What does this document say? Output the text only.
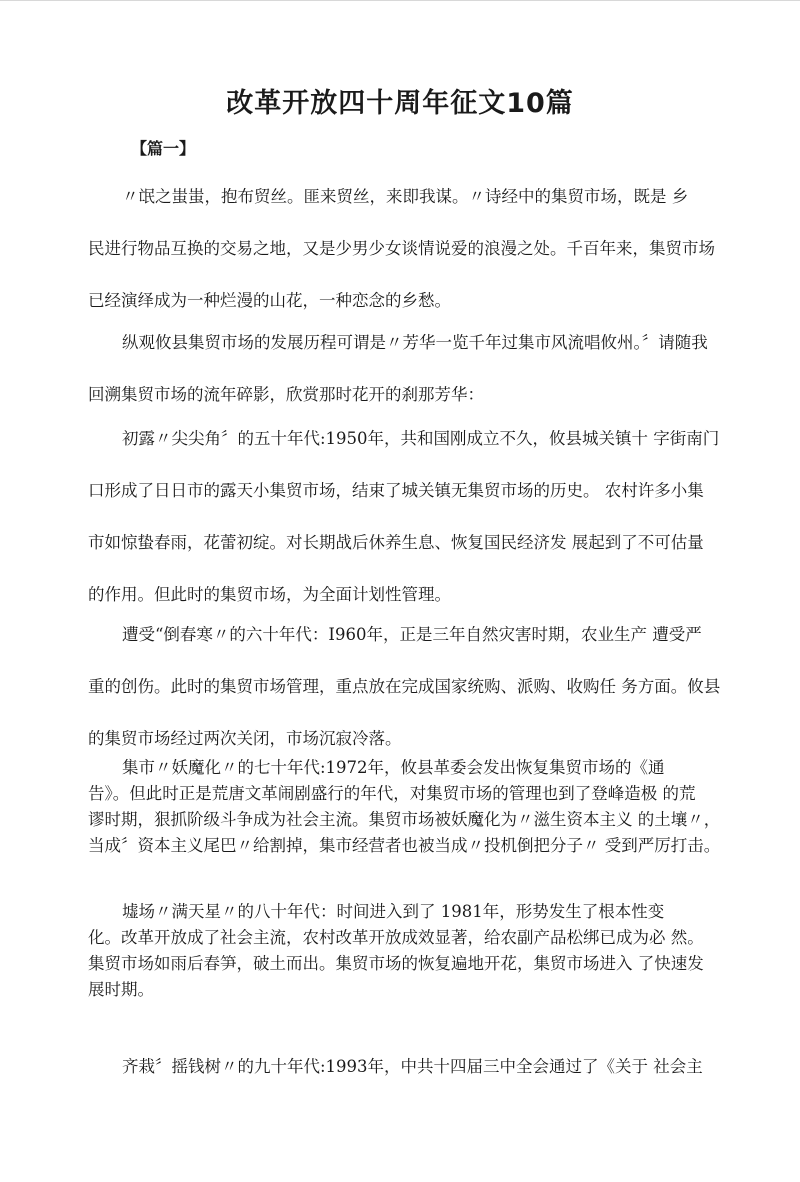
改革开放四十周年征文10篇

【篇一】

〃氓之蚩蚩，抱布贸丝。匪来贸丝，来即我谋。〃诗经中的集贸市场，既是 乡
民进行物品互换的交易之地，又是少男少女谈情说爱的浪漫之处。千百年来，集贸市场
已经演绎成为一种烂漫的山花，一种恋念的乡愁。
纵观攸县集贸市场的发展历程可谓是〃芳华一览千年过集市风流唱攸州。〞请随我
回溯集贸市场的流年碎影，欣赏那时花开的刹那芳华：
初露〃尖尖角〞的五十年代:1950年，共和国刚成立不久，攸县城关镇十 字街南门
口形成了日日市的露天小集贸市场，结束了城关镇无集贸市场的历史。 农村许多小集
市如惊蛰春雨，花蕾初绽。对长期战后休养生息、恢复国民经济发 展起到了不可估量
的作用。但此时的集贸市场，为全面计划性管理。
遭受“倒春寒〃的六十年代：I960年，正是三年自然灾害时期，农业生产 遭受严
重的创伤。此时的集贸市场管理，重点放在完成国家统购、派购、收购任 务方面。攸县
的集贸市场经过两次关闭，市场沉寂冷落。
集市〃妖魔化〃的七十年代:1972年，攸县革委会发出恢复集贸市场的《通
告》。但此时正是荒唐文革闹剧盛行的年代，对集贸市场的管理也到了登峰造极 的荒
谬时期，狠抓阶级斗争成为社会主流。集贸市场被妖魔化为〃滋生资本主义 的土壤〃，
当成〞资本主义尾巴〃给割掉，集市经营者也被当成〃投机倒把分子〃 受到严厉打击。
墟场〃满天星〃的八十年代：时间进入到了 1981年，形势发生了根本性变
化。改革开放成了社会主流，农村改革开放成效显著，给农副产品松绑已成为必 然。
集贸市场如雨后春笋，破土而出。集贸市场的恢复遍地开花，集贸市场进入 了快速发
展时期。
齐栽〞摇钱树〃的九十年代:1993年，中共十四届三中全会通过了《关于 社会主
